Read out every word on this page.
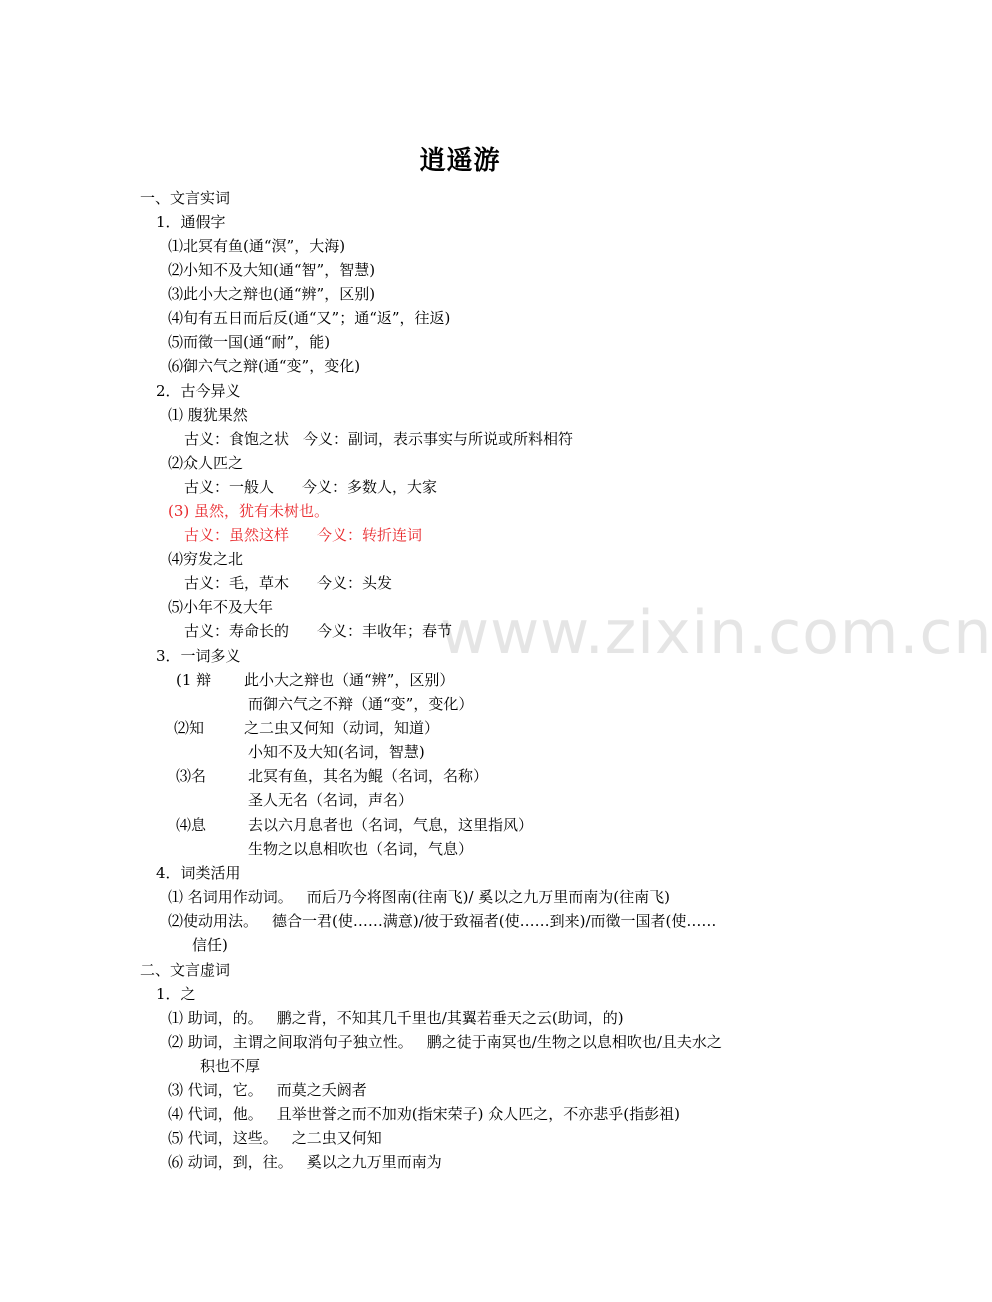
www.zixin.com.cn
逍遥游
一、文言实词
1．通假字
⑴北冥有鱼(通“溟”，大海)
⑵小知不及大知(通“智”，智慧)
⑶此小大之辩也(通“辨”，区别)
⑷旬有五日而后反(通“又”；通“返”，往返)
⑸而徵一国(通“耐”，能)
⑹御六气之辩(通“变”，变化)
2．古今异义
⑴ 腹犹果然
古义：食饱之状 今义：副词，表示事实与所说或所料相符
⑵众人匹之
古义：一般人 今义：多数人，大家
(3) 虽然，犹有未树也。
古义：虽然这样 今义：转折连词
⑷穷发之北
古义：毛，草木 今义：头发
⑸小年不及大年
古义：寿命长的 今义：丰收年；春节
3．一词多义
(1 辩 此小大之辩也（通“辨”，区别）
而御六气之不辩（通“变”，变化）
⑵知	之二虫又何知（动词，知道）
小知不及大知(名词，智慧)
⑶名	北冥有鱼，其名为鲲（名词，名称）
圣人无名（名词，声名）
⑷息	去以六月息者也（名词，气息，这里指风）
生物之以息相吹也（名词，气息）
4．词类活用
⑴ 名词用作动词。 而后乃今将图南(往南飞)/ 奚以之九万里而南为(往南飞)
⑵使动用法。 德合一君(使……满意)/彼于致福者(使……到来)/而徵一国者(使……
信任)
二、文言虚词
1．之
⑴ 助词，的。 鹏之背，不知其几千里也/其翼若垂天之云(助词，的)
⑵ 助词，主谓之间取消句子独立性。 鹏之徒于南冥也/生物之以息相吹也/且夫水之
积也不厚
⑶ 代词，它。 而莫之夭阏者
⑷ 代词，他。 且举世誉之而不加劝(指宋荣子) 众人匹之，不亦悲乎(指彭祖)
⑸ 代词，这些。 之二虫又何知
⑹ 动词，到，往。 奚以之九万里而南为
